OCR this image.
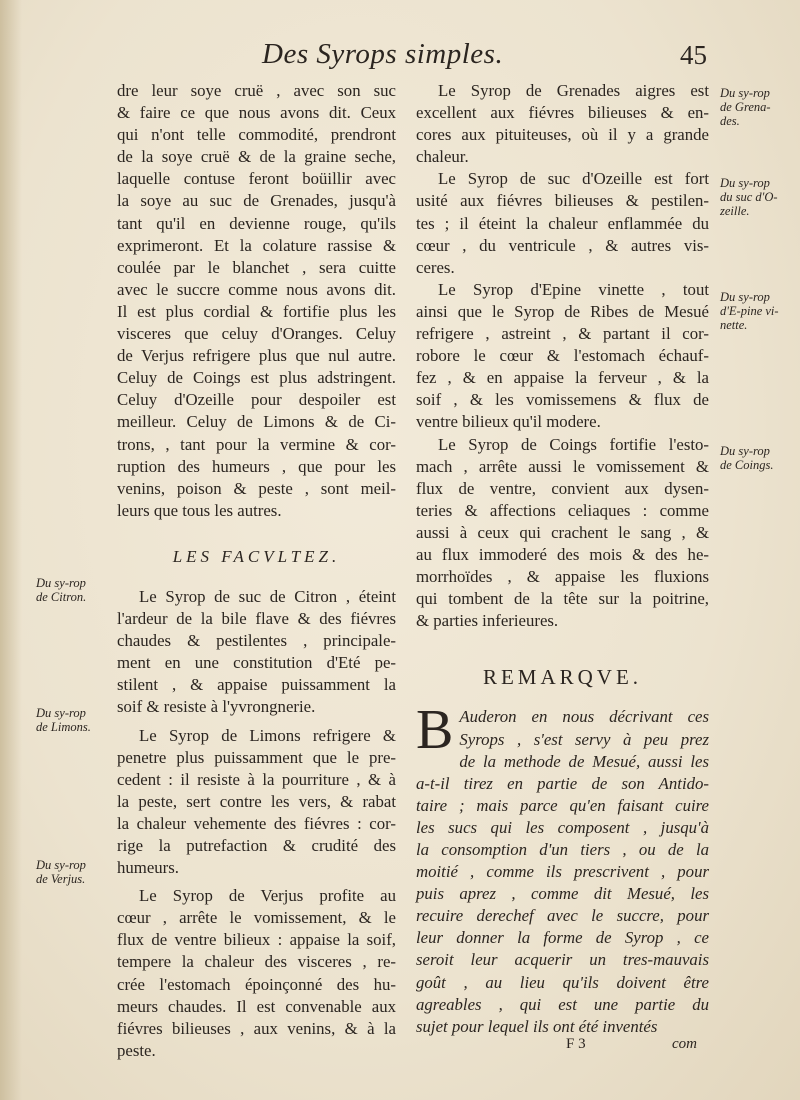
Des Syrops simples.	45
dre leur soye cruë , avec son suc
& faire ce que nous avons dit. Ceux
qui n'ont telle commodité, prendront
de la soye cruë & de la graine seche,
laquelle contuse feront boüillir avec
la soye au suc de Grenades, jusqu'à
tant qu'il en devienne rouge, qu'ils
exprimeront. Et la colature rassise &
coulée par le blanchet , sera cuitte
avec le succre comme nous avons dit.
Il est plus cordial & fortifie plus les
visceres que celuy d'Oranges. Celuy
de Verjus refrigere plus que nul autre.
Celuy de Coings est plus adstringent.
Celuy d'Ozeille pour despoiler est
meilleur. Celuy de Limons & de Ci-
trons, , tant pour la vermine & cor-
ruption des humeurs , que pour les
venins, poison & peste , sont meil-
leurs que tous les autres.
LES FACVLTEZ.
Le Syrop de suc de Citron , éteint
l'ardeur de la bile flave & des fiévres
chaudes & pestilentes , principale-
ment en une constitution d'Eté pe-
stilent , & appaise puissamment la
soif & resiste à l'yvrongnerie.
Le Syrop de Limons refrigere &
penetre plus puissamment que le pre-
cedent : il resiste à la pourriture , & à
la peste, sert contre les vers, & rabat
la chaleur vehemente des fiévres : cor-
rige la putrefaction & crudité des
humeurs.
Le Syrop de Verjus profite au
cœur , arrête le vomissement, & le
flux de ventre bilieux : appaise la soif,
tempere la chaleur des visceres , re-
crée l'estomach époinçonné des hu-
meurs chaudes. Il est convenable aux
fiévres bilieuses , aux venins, & à la
peste.
Le Syrop de Grenades aigres est
excellent aux fiévres bilieuses & en-
cores aux pituiteuses, où il y a grande
chaleur.
Le Syrop de suc d'Ozeille est fort
usité aux fiévres bilieuses & pestilen-
tes ; il éteint la chaleur enflammée du
cœur , du ventricule , & autres vis-
ceres.
Le Syrop d'Epine vinette , tout
ainsi que le Syrop de Ribes de Mesué
refrigere , astreint , & partant il cor-
robore le cœur & l'estomach échauf-
fez , & en appaise la ferveur , & la
soif , & les vomissemens & flux de
ventre bilieux qu'il modere.
Le Syrop de Coings fortifie l'esto-
mach , arrête aussi le vomissement &
flux de ventre, convient aux dysen-
teries & affections celiaques : comme
aussi à ceux qui crachent le sang , &
au flux immoderé des mois & des he-
morrhoïdes , & appaise les fluxions
qui tombent de la tête sur la poitrine,
& parties inferieures.
REMARQVE.
B Auderon en nous décrivant ces
Syrops , s'est servy à peu prez
de la methode de Mesué, aussi les
a-t-il tirez en partie de son Antido-
taire ; mais parce qu'en faisant cuire
les sucs qui les composent , jusqu'à
la consomption d'un tiers , ou de la
moitié , comme ils prescrivent , pour
puis aprez , comme dit Mesué, les
recuire derechef avec le succre, pour
leur donner la forme de Syrop , ce
seroit leur acquerir un tres-mauvais
goût , au lieu qu'ils doivent être
agreables , qui est une partie du
sujet pour lequel ils ont été inventés
Du sy-rop de Grena-des.
Du sy-rop du suc d'O-zeille.
Du sy-rop d'E-pine vi-nette.
Du sy-rop de Coings.
Du sy-rop de Citron.
Du sy-rop de Limons.
Du sy-rop de Verjus.
F 3	com
